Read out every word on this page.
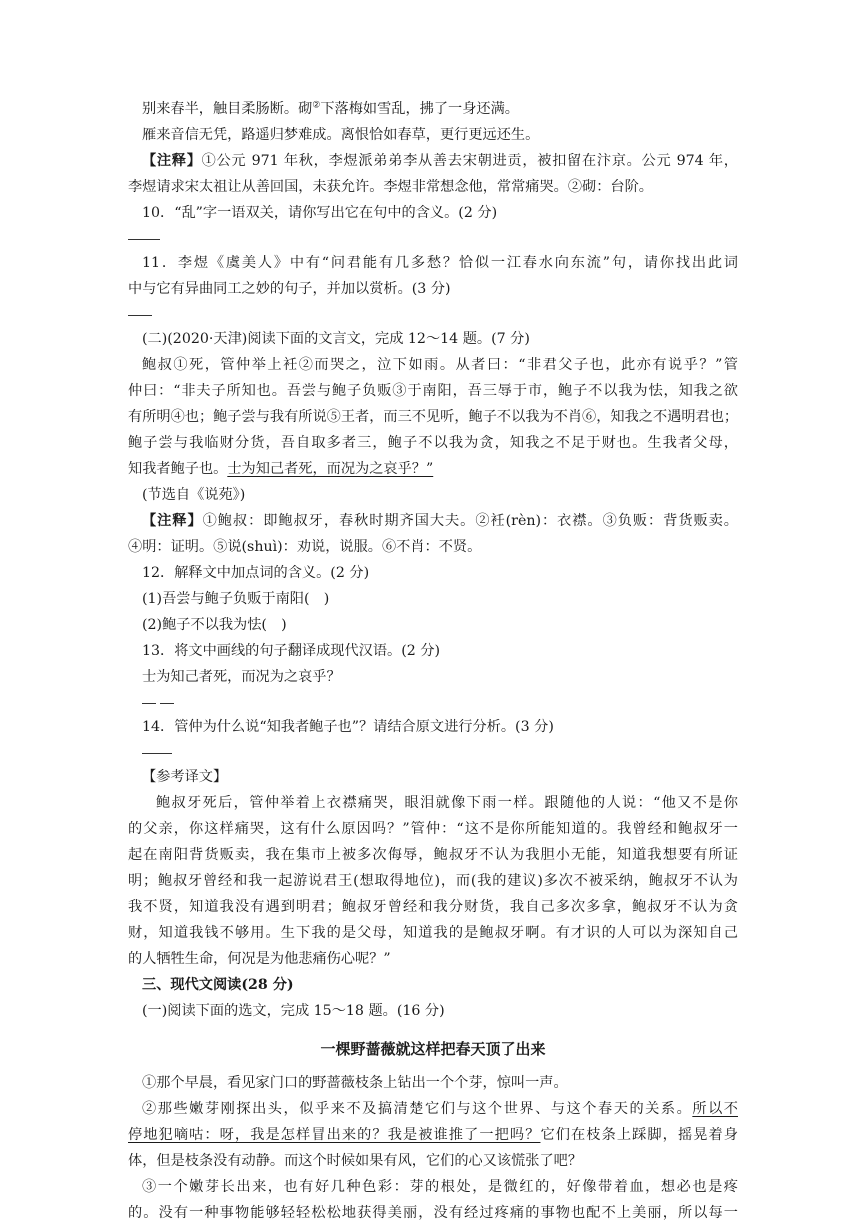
别来春半，触目柔肠断。砌②下落梅如雪乱，拂了一身还满。
雁来音信无凭，路遥归梦难成。离恨恰如春草，更行更远还生。
【注释】①公元 971 年秋，李煜派弟弟李从善去宋朝进贡，被扣留在汴京。公元 974 年，
李煜请求宋太祖让从善回国，未获允许。李煜非常想念他，常常痛哭。②砌：台阶。
10．“乱”字一语双关，请你写出它在句中的含义。(2 分)
11．李煜《虞美人》中有“问君能有几多愁？恰似一江春水向东流”句，请你找出此词
中与它有异曲同工之妙的句子，并加以赏析。(3 分)
(二)(2020·天津)阅读下面的文言文，完成 12～14 题。(7 分)
鲍叔①死，管仲举上衽②而哭之，泣下如雨。从者曰：“非君父子也，此亦有说乎？”管
仲曰：“非夫子所知也。吾尝与鲍子负贩③于南阳，吾三辱于市，鲍子不以我为怯，知我之欲
有所明④也；鲍子尝与我有所说⑤王者，而三不见听，鲍子不以我为不肖⑥，知我之不遇明君也；
鲍子尝与我临财分货，吾自取多者三，鲍子不以我为贪，知我之不足于财也。生我者父母，
知我者鲍子也。士为知己者死，而况为之哀乎？”
(节选自《说苑》)
【注释】①鲍叔：即鲍叔牙，春秋时期齐国大夫。②衽(rèn)：衣襟。③负贩：背货贩卖。
④明：证明。⑤说(shuì)：劝说，说服。⑥不肖：不贤。
12．解释文中加点词的含义。(2 分)
(1)吾尝与鲍子负贩于南阳(　)
(2)鲍子不以我为怯(　)
13．将文中画线的句子翻译成现代汉语。(2 分)
士为知己者死，而况为之哀乎？
14．管仲为什么说“知我者鲍子也”？请结合原文进行分析。(3 分)
【参考译文】
鲍叔牙死后，管仲举着上衣襟痛哭，眼泪就像下雨一样。跟随他的人说：“他又不是你
的父亲，你这样痛哭，这有什么原因吗？”管仲：“这不是你所能知道的。我曾经和鲍叔牙一
起在南阳背货贩卖，我在集市上被多次侮辱，鲍叔牙不认为我胆小无能，知道我想要有所证
明；鲍叔牙曾经和我一起游说君王(想取得地位)，而(我的建议)多次不被采纳，鲍叔牙不认为
我不贤，知道我没有遇到明君；鲍叔牙曾经和我分财货，我自己多次多拿，鲍叔牙不认为贪
财，知道我钱不够用。生下我的是父母，知道我的是鲍叔牙啊。有才识的人可以为深知自己
的人牺牲生命，何况是为他悲痛伤心呢？”
三、现代文阅读(28 分)
(一)阅读下面的选文，完成 15～18 题。(16 分)
一棵野蔷薇就这样把春天顶了出来
①那个早晨，看见家门口的野蔷薇枝条上钻出一个个芽，惊叫一声。
②那些嫩芽刚探出头，似乎来不及搞清楚它们与这个世界、与这个春天的关系。所以不
停地犯嘀咕：呀，我是怎样冒出来的？我是被谁推了一把吗？它们在枝条上踩脚，摇晃着身
体，但是枝条没有动静。而这个时候如果有风，它们的心又该慌张了吧？
③一个嫩芽长出来，也有好几种色彩：芽的根处，是微红的，好像带着血，想必也是疼
的。没有一种事物能够轻轻松松地获得美丽，没有经过疼痛的事物也配不上美丽，所以每一
